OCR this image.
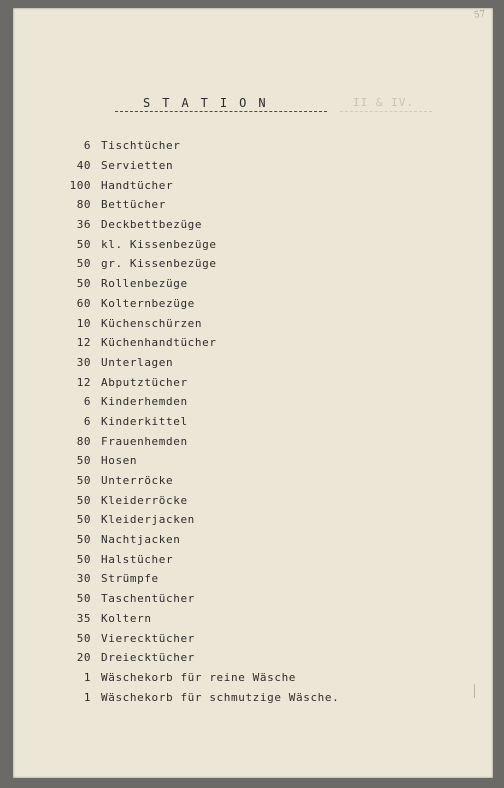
57
STATION	II & IV.
6 Tischtücher
40 Servietten
100 Handtücher
80 Bettücher
36 Deckbettbezüge
50 kl. Kissenbezüge
50 gr. Kissenbezüge
50 Rollenbezüge
60 Kolternbezüge
10 Küchenschürzen
12 Küchenhandtücher
30 Unterlagen
12 Abputztücher
6 Kinderhemden
6 Kinderkittel
80 Frauenhemden
50 Hosen
50 Unterröcke
50 Kleiderröcke
50 Kleiderjacken
50 Nachtjacken
50 Halstücher
30 Strümpfe
50 Taschentücher
35 Koltern
50 Vierecktücher
20 Dreiecktücher
1 Wäschekorb für reine Wäsche
1 Wäschekorb für schmutzige Wäsche.
